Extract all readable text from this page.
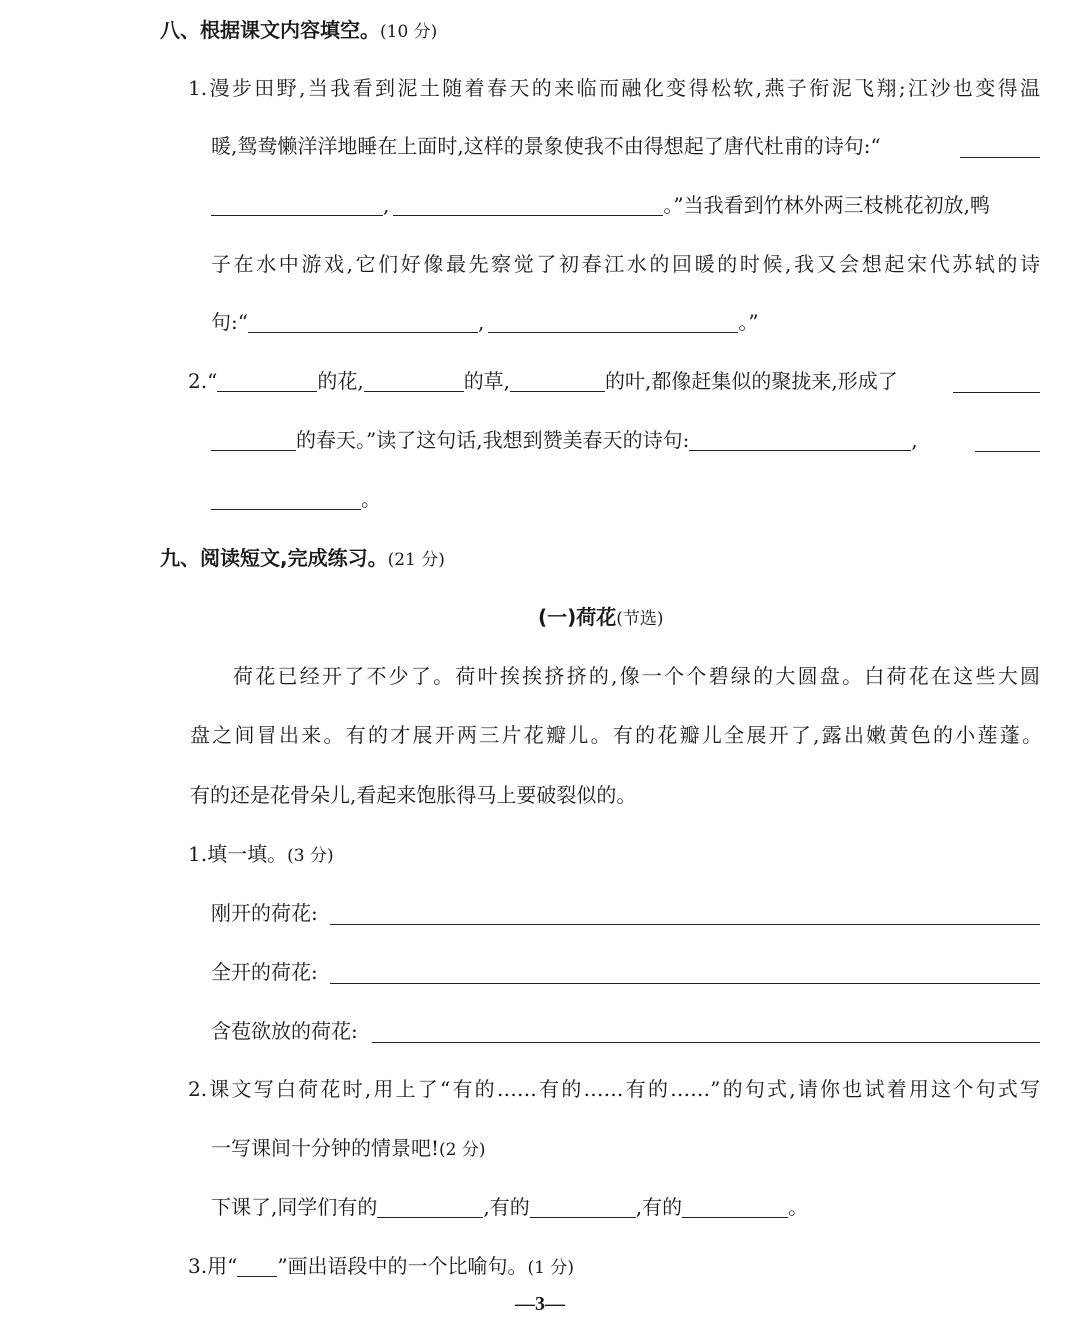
八、根据课文内容填空。(10 分)
1.漫步田野,当我看到泥土随着春天的来临而融化变得松软,燕子衔泥飞翔;江沙也变得温
暖,鸳鸯懒洋洋地睡在上面时,这样的景象使我不由得想起了唐代杜甫的诗句:“
,	。”当我看到竹林外两三枝桃花初放,鸭
子在水中游戏,它们好像最先察觉了初春江水的回暖的时候,我又会想起宋代苏轼的诗
句:“	,	。”
2.“	的花,	的草,	的叶,都像赶集似的聚拢来,形成了
的春天。”读了这句话,我想到赞美春天的诗句:	,
。
九、阅读短文,完成练习。(21 分)
(一)荷花(节选)
荷花已经开了不少了。荷叶挨挨挤挤的,像一个个碧绿的大圆盘。白荷花在这些大圆
盘之间冒出来。有的才展开两三片花瓣儿。有的花瓣儿全展开了,露出嫩黄色的小莲蓬。
有的还是花骨朵儿,看起来饱胀得马上要破裂似的。
1.填一填。(3 分)
刚开的荷花:
全开的荷花:
含苞欲放的荷花:
2.课文写白荷花时,用上了“有的……有的……有的……”的句式,请你也试着用这个句式写
一写课间十分钟的情景吧!(2 分)
下课了,同学们有的	,有的	,有的	。
3.用“ ”画出语段中的一个比喻句。(1 分)
—3—
